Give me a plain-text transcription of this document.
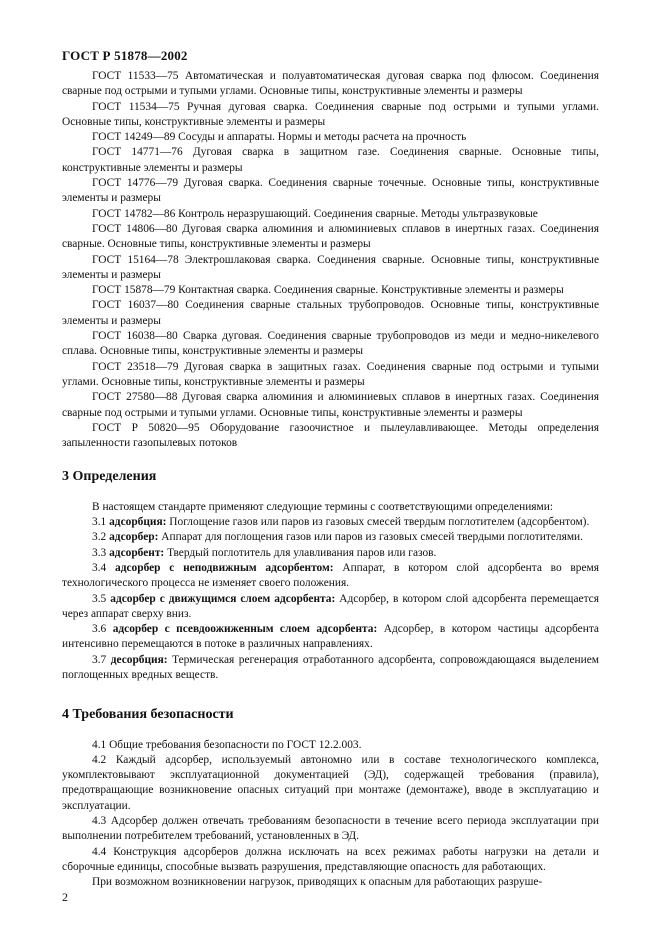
ГОСТ Р 51878—2002

ГОСТ 11533—75 Автоматическая и полуавтоматическая дуговая сварка под флюсом. Соединения сварные под острыми и тупыми углами. Основные типы, конструктивные элементы и размеры

ГОСТ 11534—75 Ручная дуговая сварка. Соединения сварные под острыми и тупыми углами. Основные типы, конструктивные элементы и размеры

ГОСТ 14249—89 Сосуды и аппараты. Нормы и методы расчета на прочность

ГОСТ 14771—76 Дуговая сварка в защитном газе. Соединения сварные. Основные типы, конструктивные элементы и размеры

ГОСТ 14776—79 Дуговая сварка. Соединения сварные точечные. Основные типы, конструктивные элементы и размеры

ГОСТ 14782—86 Контроль неразрушающий. Соединения сварные. Методы ультразвуковые

ГОСТ 14806—80 Дуговая сварка алюминия и алюминиевых сплавов в инертных газах. Соединения сварные. Основные типы, конструктивные элементы и размеры

ГОСТ 15164—78 Электрошлаковая сварка. Соединения сварные. Основные типы, конструктивные элементы и размеры

ГОСТ 15878—79 Контактная сварка. Соединения сварные. Конструктивные элементы и размеры

ГОСТ 16037—80 Соединения сварные стальных трубопроводов. Основные типы, конструктивные элементы и размеры

ГОСТ 16038—80 Сварка дуговая. Соединения сварные трубопроводов из меди и медно-никелевого сплава. Основные типы, конструктивные элементы и размеры

ГОСТ 23518—79 Дуговая сварка в защитных газах. Соединения сварные под острыми и тупыми углами. Основные типы, конструктивные элементы и размеры

ГОСТ 27580—88 Дуговая сварка алюминия и алюминиевых сплавов в инертных газах. Соединения сварные под острыми и тупыми углами. Основные типы, конструктивные элементы и размеры

ГОСТ Р 50820—95 Оборудование газоочистное и пылеулавливающее. Методы определения запыленности газопылевых потоков

3 Определения

В настоящем стандарте применяют следующие термины с соответствующими определениями:

3.1 адсорбция: Поглощение газов или паров из газовых смесей твердым поглотителем (адсорбентом).

3.2 адсорбер: Аппарат для поглощения газов или паров из газовых смесей твердыми поглотителями.

3.3 адсорбент: Твердый поглотитель для улавливания паров или газов.

3.4 адсорбер с неподвижным адсорбентом: Аппарат, в котором слой адсорбента во время технологического процесса не изменяет своего положения.

3.5 адсорбер с движущимся слоем адсорбента: Адсорбер, в котором слой адсорбента перемещается через аппарат сверху вниз.

3.6 адсорбер с псевдоожиженным слоем адсорбента: Адсорбер, в котором частицы адсорбента интенсивно перемещаются в потоке в различных направлениях.

3.7 десорбция: Термическая регенерация отработанного адсорбента, сопровождающаяся выделением поглощенных вредных веществ.

4 Требования безопасности

4.1 Общие требования безопасности по ГОСТ 12.2.003.

4.2 Каждый адсорбер, используемый автономно или в составе технологического комплекса, укомплектовывают эксплуатационной документацией (ЭД), содержащей требования (правила), предотвращающие возникновение опасных ситуаций при монтаже (демонтаже), вводе в эксплуатацию и эксплуатации.

4.3 Адсорбер должен отвечать требованиям безопасности в течение всего периода эксплуатации при выполнении потребителем требований, установленных в ЭД.

4.4 Конструкция адсорберов должна исключать на всех режимах работы нагрузки на детали и сборочные единицы, способные вызвать разрушения, представляющие опасность для работающих.

При возможном возникновении нагрузок, приводящих к опасным для работающих разруше-

2
